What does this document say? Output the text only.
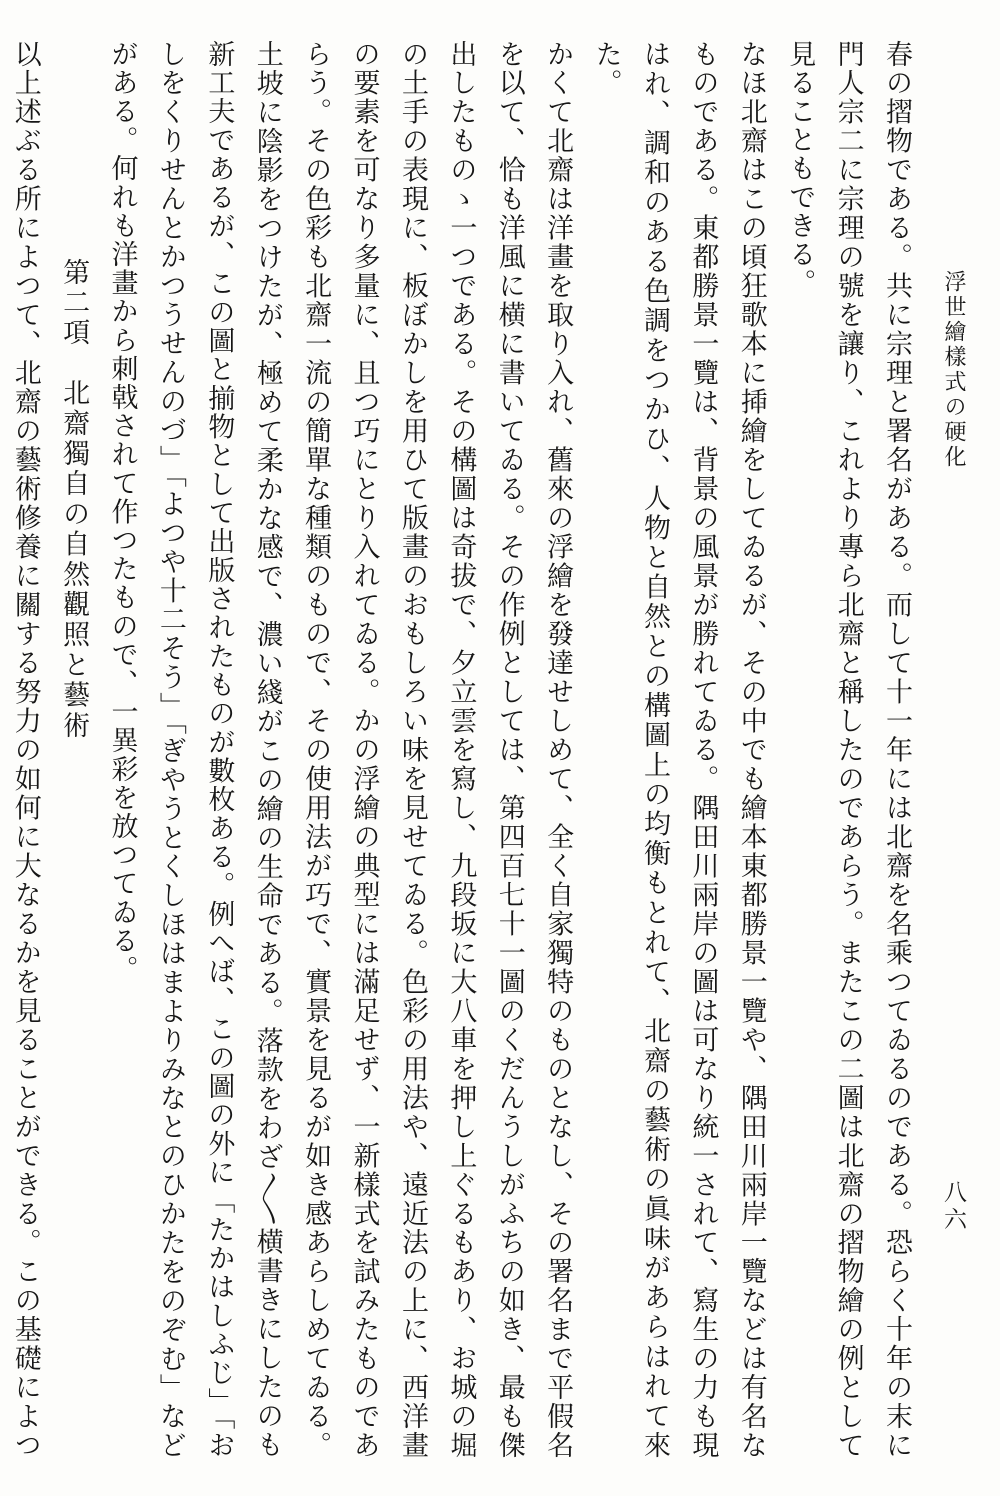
浮世繪樣式の硬化
八六

春の摺物である。共に宗理と署名がある。而して十一年には北齋を名乘つてゐるのである。恐らく十年の末に門人宗二に宗理の號を讓り、これより專ら北齋と稱したのであらう。またこの二圖は北齋の摺物繪の例として見ることもできる。

なほ北齋はこの頃狂歌本に揷繪をしてゐるが、その中でも繪本東都勝景一覽や、隅田川兩岸一覽などは有名なものである。東都勝景一覽は、背景の風景が勝れてゐる。隅田川兩岸の圖は可なり統一されて、寫生の力も現はれ、調和のある色調をつかひ、人物と自然との構圖上の均衡もとれて、北齋の藝術の眞味があらはれて來た。

かくて北齋は洋畫を取り入れ、舊來の浮繪を發達せしめて、全く自家獨特のものとなし、その署名まで平假名を以て、恰も洋風に横に書いてゐる。その作例としては、第四百七十一圖のくだんうしがふちの如き、最も傑出したものゝ一つである。その構圖は奇拔で、夕立雲を寫し、九段坂に大八車を押し上ぐるもあり、お城の堀の土手の表現に、板ぼかしを用ひて版畫のおもしろい味を見せてゐる。色彩の用法や、遠近法の上に、西洋畫の要素を可なり多量に、且つ巧にとり入れてゐる。かの浮繪の典型には滿足せず、一新樣式を試みたものであらう。その色彩も北齋一流の簡單な種類のもので、その使用法が巧で、實景を見るが如き感あらしめてゐる。土坡に陰影をつけたが、極めて柔かな感で、濃い綫がこの繪の生命である。落款をわざ〳〵横書きにしたのも新工夫であるが、この圖と揃物として出版されたものが數枚ある。例へば、この圖の外に「たかはしふじ」「おしをくりせんとかつうせんのづ」「よつや十二そう」「ぎやうとくしほはまよりみなとのひかたをのぞむ」などがある。何れも洋畫から刺戟されて作つたもので、一異彩を放つてゐる。

第二項　北齋獨自の自然觀照と藝術

以上述ぶる所によつて、北齋の藝術修養に關する努力の如何に大なるかを見ることができる。この基礎によつ
